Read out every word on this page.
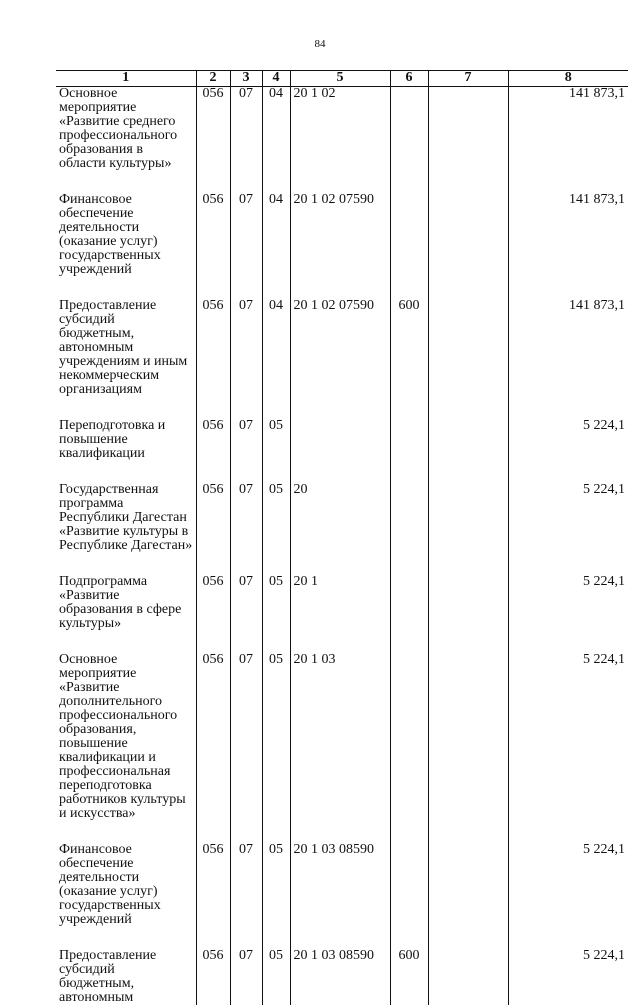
84
1	2	3	4	5	6	7	8

Основное мероприятие «Развитие среднего профессионального образования в области культуры»	056	07	04	20 1 02			141 873,1

Финансовое обеспечение деятельности (оказание услуг) государственных учреждений	056	07	04	20 1 02 07590			141 873,1

Предоставление субсидий бюджетным, автономным учреждениям и иным некоммерческим организациям	056	07	04	20 1 02 07590	600		141 873,1

Переподготовка и повышение квалификации	056	07	05				5 224,1

Государственная программа Республики Дагестан «Развитие культуры в Республике Дагестан»	056	07	05	20			5 224,1

Подпрограмма «Развитие образования в сфере культуры»	056	07	05	20 1			5 224,1

Основное мероприятие «Развитие дополнительного профессионального образования, повышение квалификации и профессиональная переподготовка работников культуры и искусства»	056	07	05	20 1 03			5 224,1

Финансовое обеспечение деятельности (оказание услуг) государственных учреждений	056	07	05	20 1 03 08590			5 224,1

Предоставление субсидий бюджетным, автономным	056	07	05	20 1 03 08590	600		5 224,1
